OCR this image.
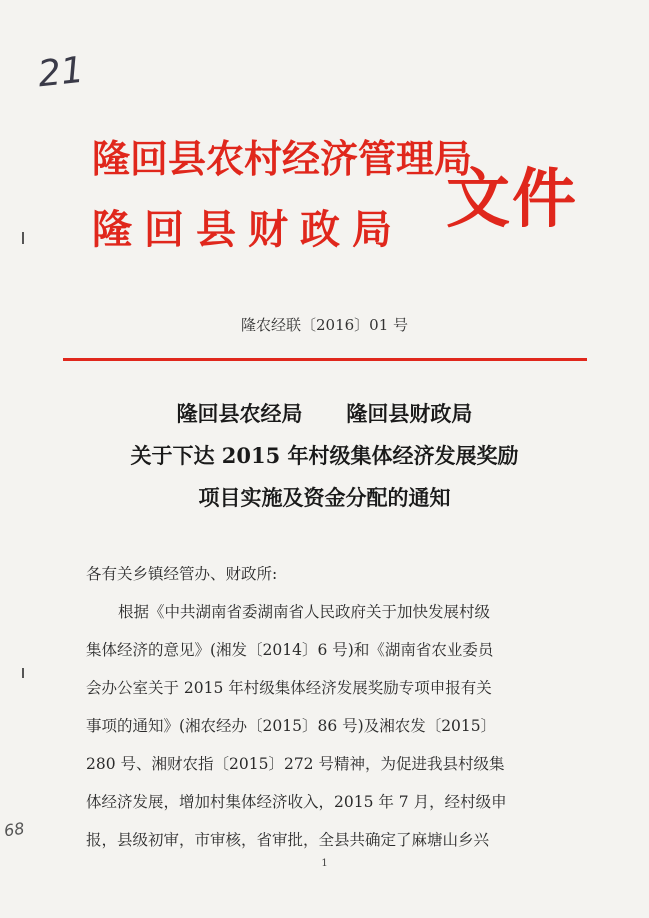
21
68
隆回县农村经济管理局
隆回县财政局 文件
隆农经联〔2016〕01 号
隆回县农经局      隆回县财政局
关于下达 2015 年村级集体经济发展奖励
项目实施及资金分配的通知
各有关乡镇经管办、财政所:
根据《中共湖南省委湖南省人民政府关于加快发展村级
集体经济的意见》(湘发〔2014〕6 号)和《湖南省农业委员
会办公室关于 2015 年村级集体经济发展奖励专项申报有关
事项的通知》(湘农经办〔2015〕86 号)及湘农发〔2015〕
280 号、湘财农指〔2015〕272 号精神，为促进我县村级集
体经济发展，增加村集体经济收入，2015 年 7 月，经村级申
报，县级初审，市审核，省审批，全县共确定了麻塘山乡兴
1
